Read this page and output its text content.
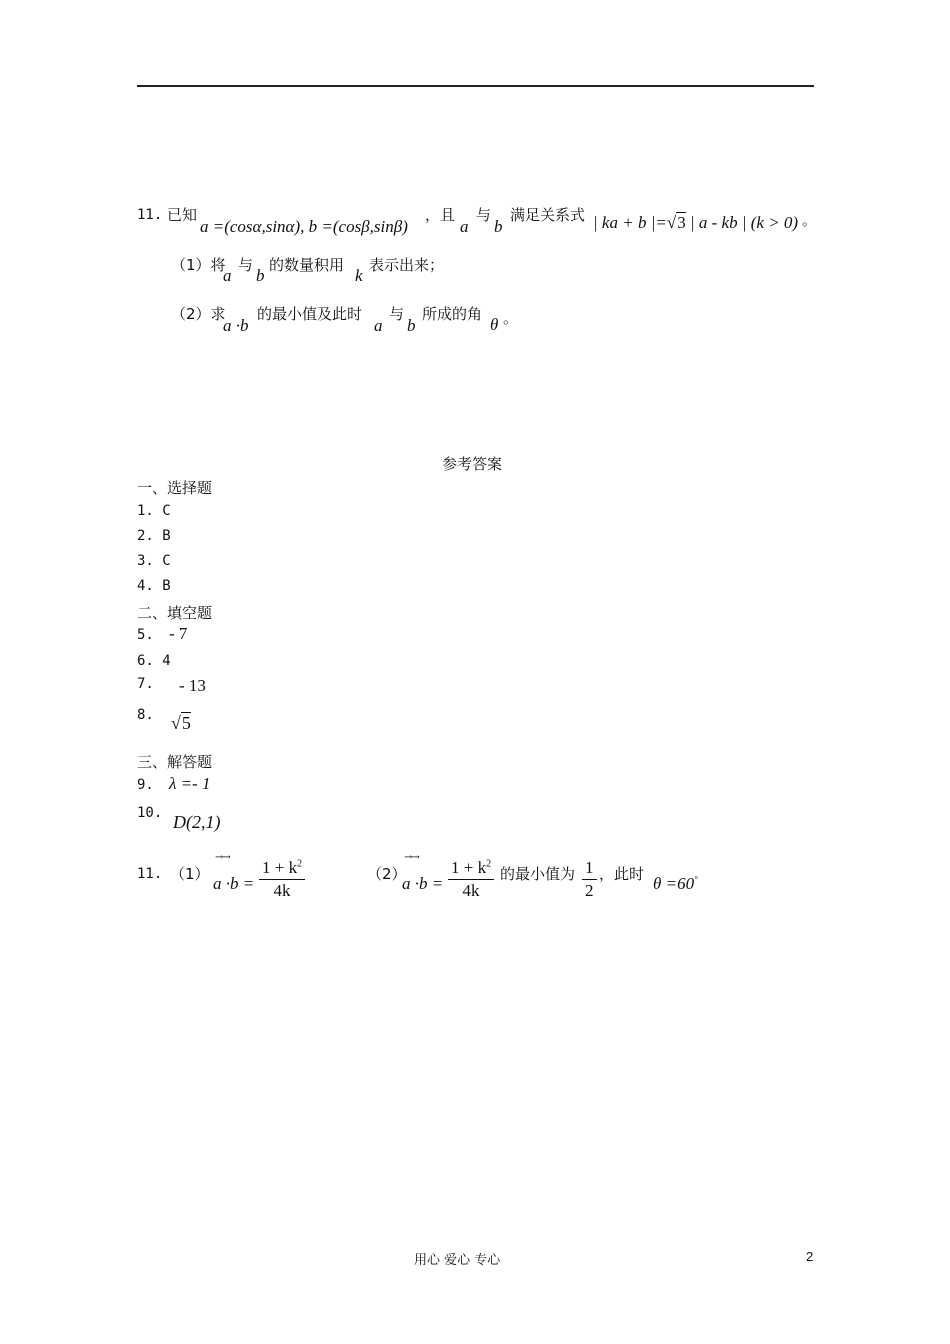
11. 已知
a =(cosα,sinα), b =(cosβ,sinβ)
，且
a
与
b
满足关系式 | ka + b |=√3 | a - kb | (k > 0) 。
（1）将
a
与
b
的数量积用
k
表示出来；
（2）求
a ·b
的最小值及此时
a
与
b
所成的角
θ 。
参考答案
一、选择题
1. C
2. B
3. C
4. B
二、填空题
5. - 7
6. 4
7. - 13
8. √5
三、解答题
9. λ =- 1
10. D(2,1)
11. （1）
→→
$a \cdot b = \frac{1 + k^2}{4k}$	（2）
→→
$a \cdot b = \frac{1 + k^2}{4k}$ 的最小值为 $\frac{1}{2}$ ，此时 θ =60°
用心 爱心 专心	2
